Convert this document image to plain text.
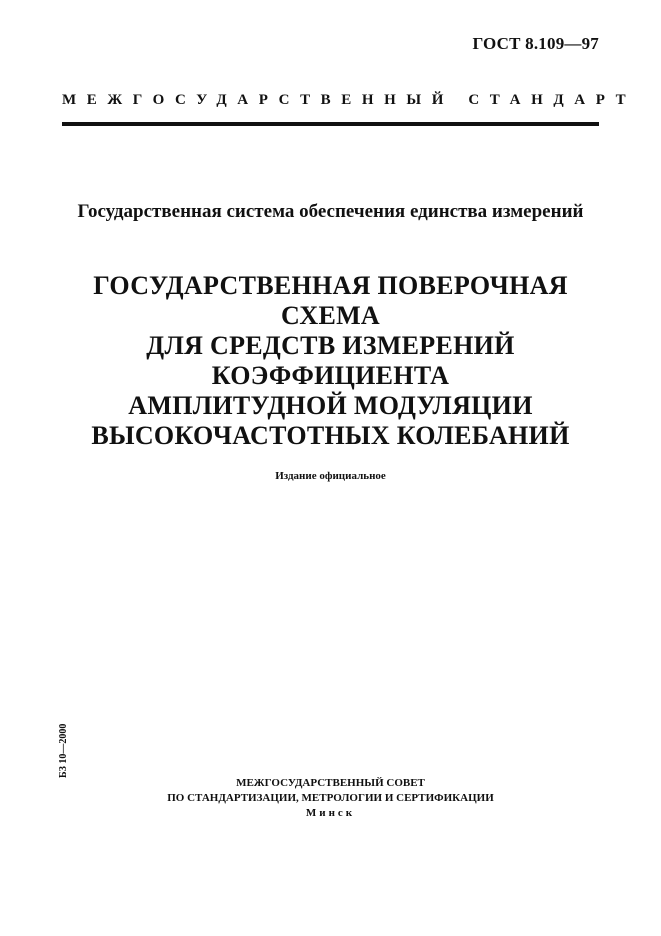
ГОСТ 8.109—97
МЕЖГОСУДАРСТВЕННЫЙ СТАНДАРТ
Государственная система обеспечения единства измерений
ГОСУДАРСТВЕННАЯ ПОВЕРОЧНАЯ СХЕМА
ДЛЯ СРЕДСТВ ИЗМЕРЕНИЙ
КОЭФФИЦИЕНТА
АМПЛИТУДНОЙ МОДУЛЯЦИИ
ВЫСОКОЧАСТОТНЫХ КОЛЕБАНИЙ
Издание официальное
БЗ 10—2000
МЕЖГОСУДАРСТВЕННЫЙ СОВЕТ
ПО СТАНДАРТИЗАЦИИ, МЕТРОЛОГИИ И СЕРТИФИКАЦИИ
Минск
